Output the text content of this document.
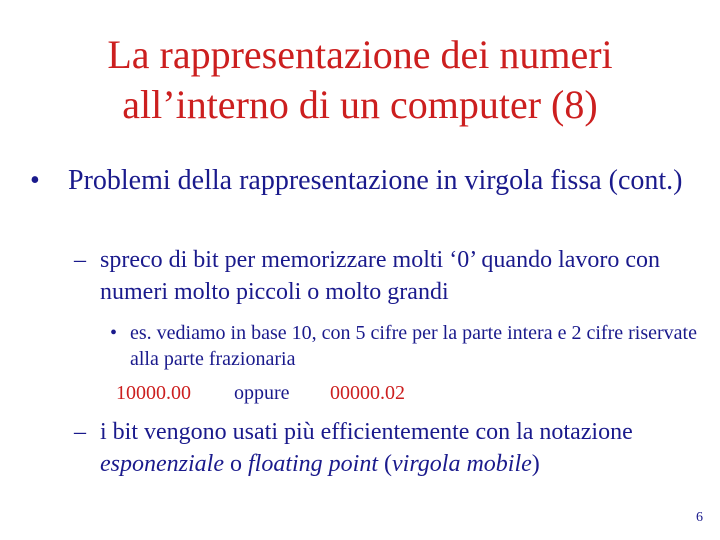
La rappresentazione dei numeri
all’interno di un computer (8)
• Problemi della rappresentazione in virgola fissa (cont.)
– spreco di bit per memorizzare molti ‘0’ quando lavoro con numeri molto piccoli o molto grandi
• es. vediamo in base 10, con 5 cifre per la parte intera e 2 cifre riservate alla parte frazionaria
10000.00 oppure 00000.02
– i bit vengono usati più efficientemente con la notazione esponenziale o floating point (virgola mobile)
6
